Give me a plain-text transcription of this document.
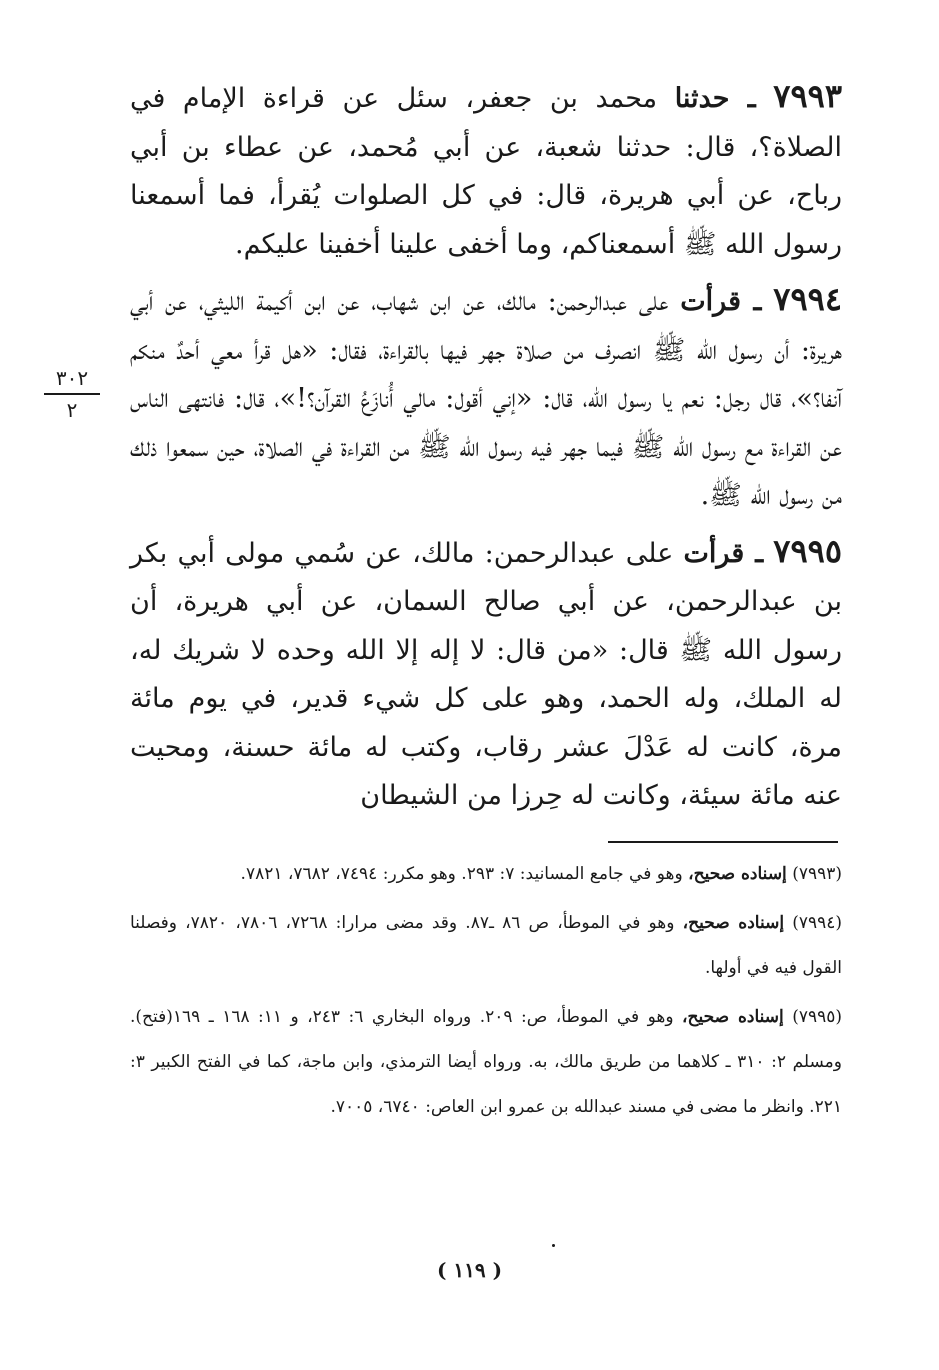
٧٩٩٣ ـ حدثنا محمد بن جعفر، سئل عن قراءة الإمام في الصلاة؟، قال: حدثنا شعبة، عن أبي مُحمد، عن عطاء بن أبي رباح، عن أبي هريرة، قال: في كل الصلوات يُقرأ، فما أسمعنا رسول الله ﷺ أسمعناكم، وما أخفى علينا أخفينا عليكم.

٧٩٩٤ ـ قرأت على عبدالرحمن: مالك، عن ابن شهاب، عن ابن أكيمة الليثي، عن أبي هريرة: أن رسول الله ﷺ انصرف من صلاة جهر فيها بالقراءة، فقال: «هل قرأ معي أحدٌ منكم آنفا؟»، قال رجل: نعم يا رسول الله، قال: «إني أقول: مالي أُنازَعُ القرآن؟!»، قال: فانتهى الناس عن القراءة مع رسول الله ﷺ فيما جهر فيه رسول الله ﷺ من القراءة في الصلاة، حين سمعوا ذلك من رسول الله ﷺ.

٧٩٩٥ ـ قرأت على عبدالرحمن: مالك، عن سُمي مولى أبي بكر بن عبدالرحمن، عن أبي صالح السمان، عن أبي هريرة، أن رسول الله ﷺ قال: «من قال: لا إله إلا الله وحده لا شريك له، له الملك، وله الحمد، وهو على كل شيء قدير، في يوم مائة مرة، كانت له عَدْلَ عشر رقاب، وكتب له مائة حسنة، ومحيت عنه مائة سيئة، وكانت له حِرزا من الشيطان

٣٠٢
٢

(٧٩٩٣) إسناده صحيح، وهو في جامع المسانيد: ٧: ٢٩٣. وهو مكرر: ٧٤٩٤، ٧٦٨٢، ٧٨٢١.

(٧٩٩٤) إسناده صحيح، وهو في الموطأ، ص ٨٦ ـ٨٧. وقد مضى مرارا: ٧٢٦٨، ٧٨٠٦، ٧٨٢٠، وفصلنا القول فيه في أولها.

(٧٩٩٥) إسناده صحيح، وهو في الموطأ، ص: ٢٠٩. ورواه البخاري ٦: ٢٤٣، و ١١: ١٦٨ ـ ١٦٩(فتح). ومسلم ٢: ٣١٠ ـ كلاهما من طريق مالك، به. ورواه أيضا الترمذي، وابن ماجة، كما في الفتح الكبير ٣: ٢٢١. وانظر ما مضى في مسند عبدالله بن عمرو ابن العاص: ٦٧٤٠، ٧٠٠٥.

( ١١٩ )
